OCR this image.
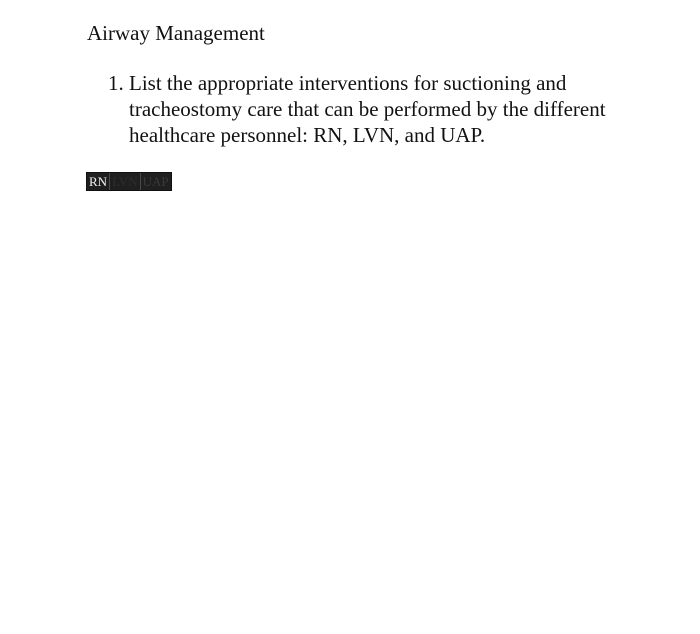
Airway Management
1. List the appropriate interventions for suctioning and tracheostomy care that can be performed by the different healthcare personnel: RN, LVN, and UAP.
RN LVN UAP
